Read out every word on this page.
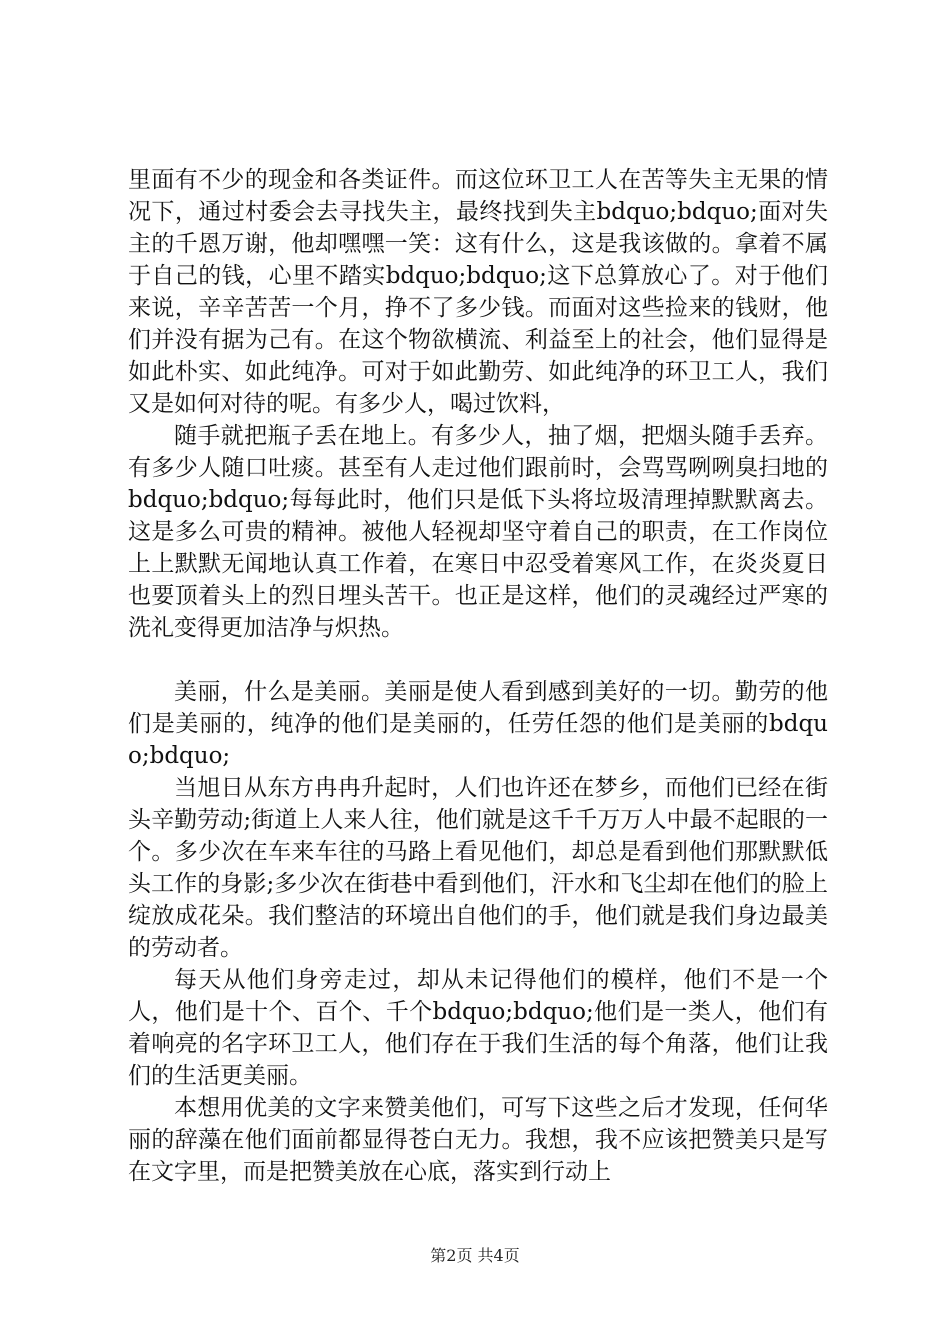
里面有不少的现金和各类证件。而这位环卫工人在苦等失主无果的情况下，通过村委会去寻找失主，最终找到失主bdquo;bdquo;面对失主的千恩万谢，他却嘿嘿一笑：这有什么，这是我该做的。拿着不属于自己的钱，心里不踏实bdquo;bdquo;这下总算放心了。对于他们来说，辛辛苦苦一个月，挣不了多少钱。而面对这些捡来的钱财，他们并没有据为己有。在这个物欲横流、利益至上的社会，他们显得是如此朴实、如此纯净。可对于如此勤劳、如此纯净的环卫工人，我们又是如何对待的呢。有多少人，喝过饮料，

随手就把瓶子丢在地上。有多少人，抽了烟，把烟头随手丢弃。有多少人随口吐痰。甚至有人走过他们跟前时，会骂骂咧咧臭扫地的bdquo;bdquo;每每此时，他们只是低下头将垃圾清理掉默默离去。这是多么可贵的精神。被他人轻视却坚守着自己的职责，在工作岗位上上默默无闻地认真工作着，在寒日中忍受着寒风工作，在炎炎夏日也要顶着头上的烈日埋头苦干。也正是这样，他们的灵魂经过严寒的洗礼变得更加洁净与炽热。

美丽，什么是美丽。美丽是使人看到感到美好的一切。勤劳的他们是美丽的，纯净的他们是美丽的，任劳任怨的他们是美丽的bdquo;bdquo;

当旭日从东方冉冉升起时，人们也许还在梦乡，而他们已经在街头辛勤劳动;街道上人来人往，他们就是这千千万万人中最不起眼的一个。多少次在车来车往的马路上看见他们，却总是看到他们那默默低头工作的身影;多少次在街巷中看到他们，汗水和飞尘却在他们的脸上绽放成花朵。我们整洁的环境出自他们的手，他们就是我们身边最美的劳动者。

每天从他们身旁走过，却从未记得他们的模样，他们不是一个人，他们是十个、百个、千个bdquo;bdquo;他们是一类人，他们有着响亮的名字环卫工人，他们存在于我们生活的每个角落，他们让我们的生活更美丽。

本想用优美的文字来赞美他们，可写下这些之后才发现，任何华丽的辞藻在他们面前都显得苍白无力。我想，我不应该把赞美只是写在文字里，而是把赞美放在心底，落实到行动上

第2页 共4页
